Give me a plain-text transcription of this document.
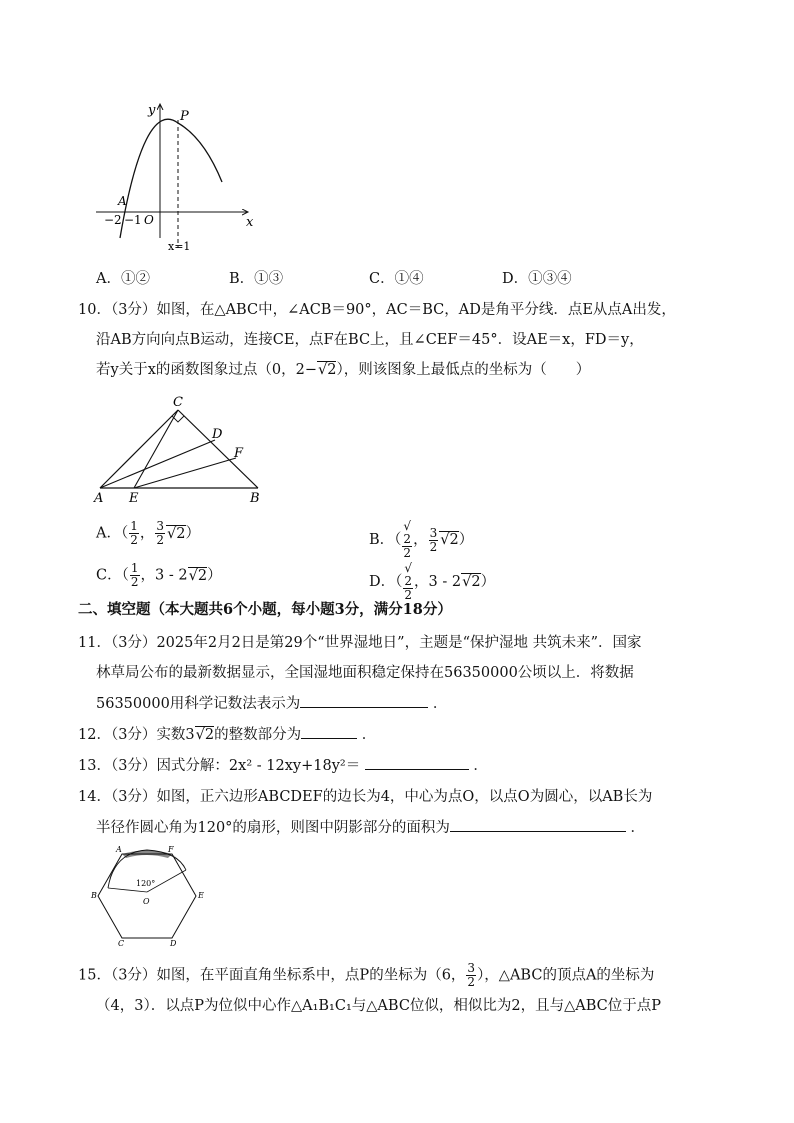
y P
x
A
−2 −1 O
x=1
A．①②	B．①③	C．①④	D．①③④
10．（3分）如图，在△ABC中，∠ACB＝90°，AC＝BC，AD是角平分线．点E从点A出发，
沿AB方向向点B运动，连接CE，点F在BC上，且∠CEF＝45°．设AE＝x，FD＝y，
若y关于x的函数图象过点（0，2−√2），则该图象上最低点的坐标为（　　）
C
D
F
A E	B
A．（ $\frac{1}{2}$ ， $\frac{3}{2} √2$）	B．（ √
2
2 ， $\frac{3}{2} √2$）
C．（ $\frac{1}{2}$ ，3 - 2√2）	D．（ √
2
2 ，3 - 2√2）
二、填空题（本大题共6个小题，每小题3分，满分18分）
11．（3分）2025年2月2日是第29个“世界湿地日”，主题是“保护湿地 共筑未来”．国家
林草局公布的最新数据显示，全国湿地面积稳定保持在56350000公顷以上．将数据
56350000用科学记数法表示为	．
12．（3分）实数3√2的整数部分为	．
13．（3分）因式分解：2x² - 12xy+18y²＝	．
14．（3分）如图，正六边形ABCDEF的边长为4，中心为点O，以点O为圆心，以AB长为
半径作圆心角为120°的扇形，则图中阴影部分的面积为	．
A	F
B	E
C	D
O
120°
15．（3分）如图，在平面直角坐标系中，点P的坐标为（6， $\frac{3}{2}$ ），△ABC的顶点A的坐标为
（4，3）．以点P为位似中心作△A₁B₁C₁与△ABC位似，相似比为2，且与△ABC位于点P
